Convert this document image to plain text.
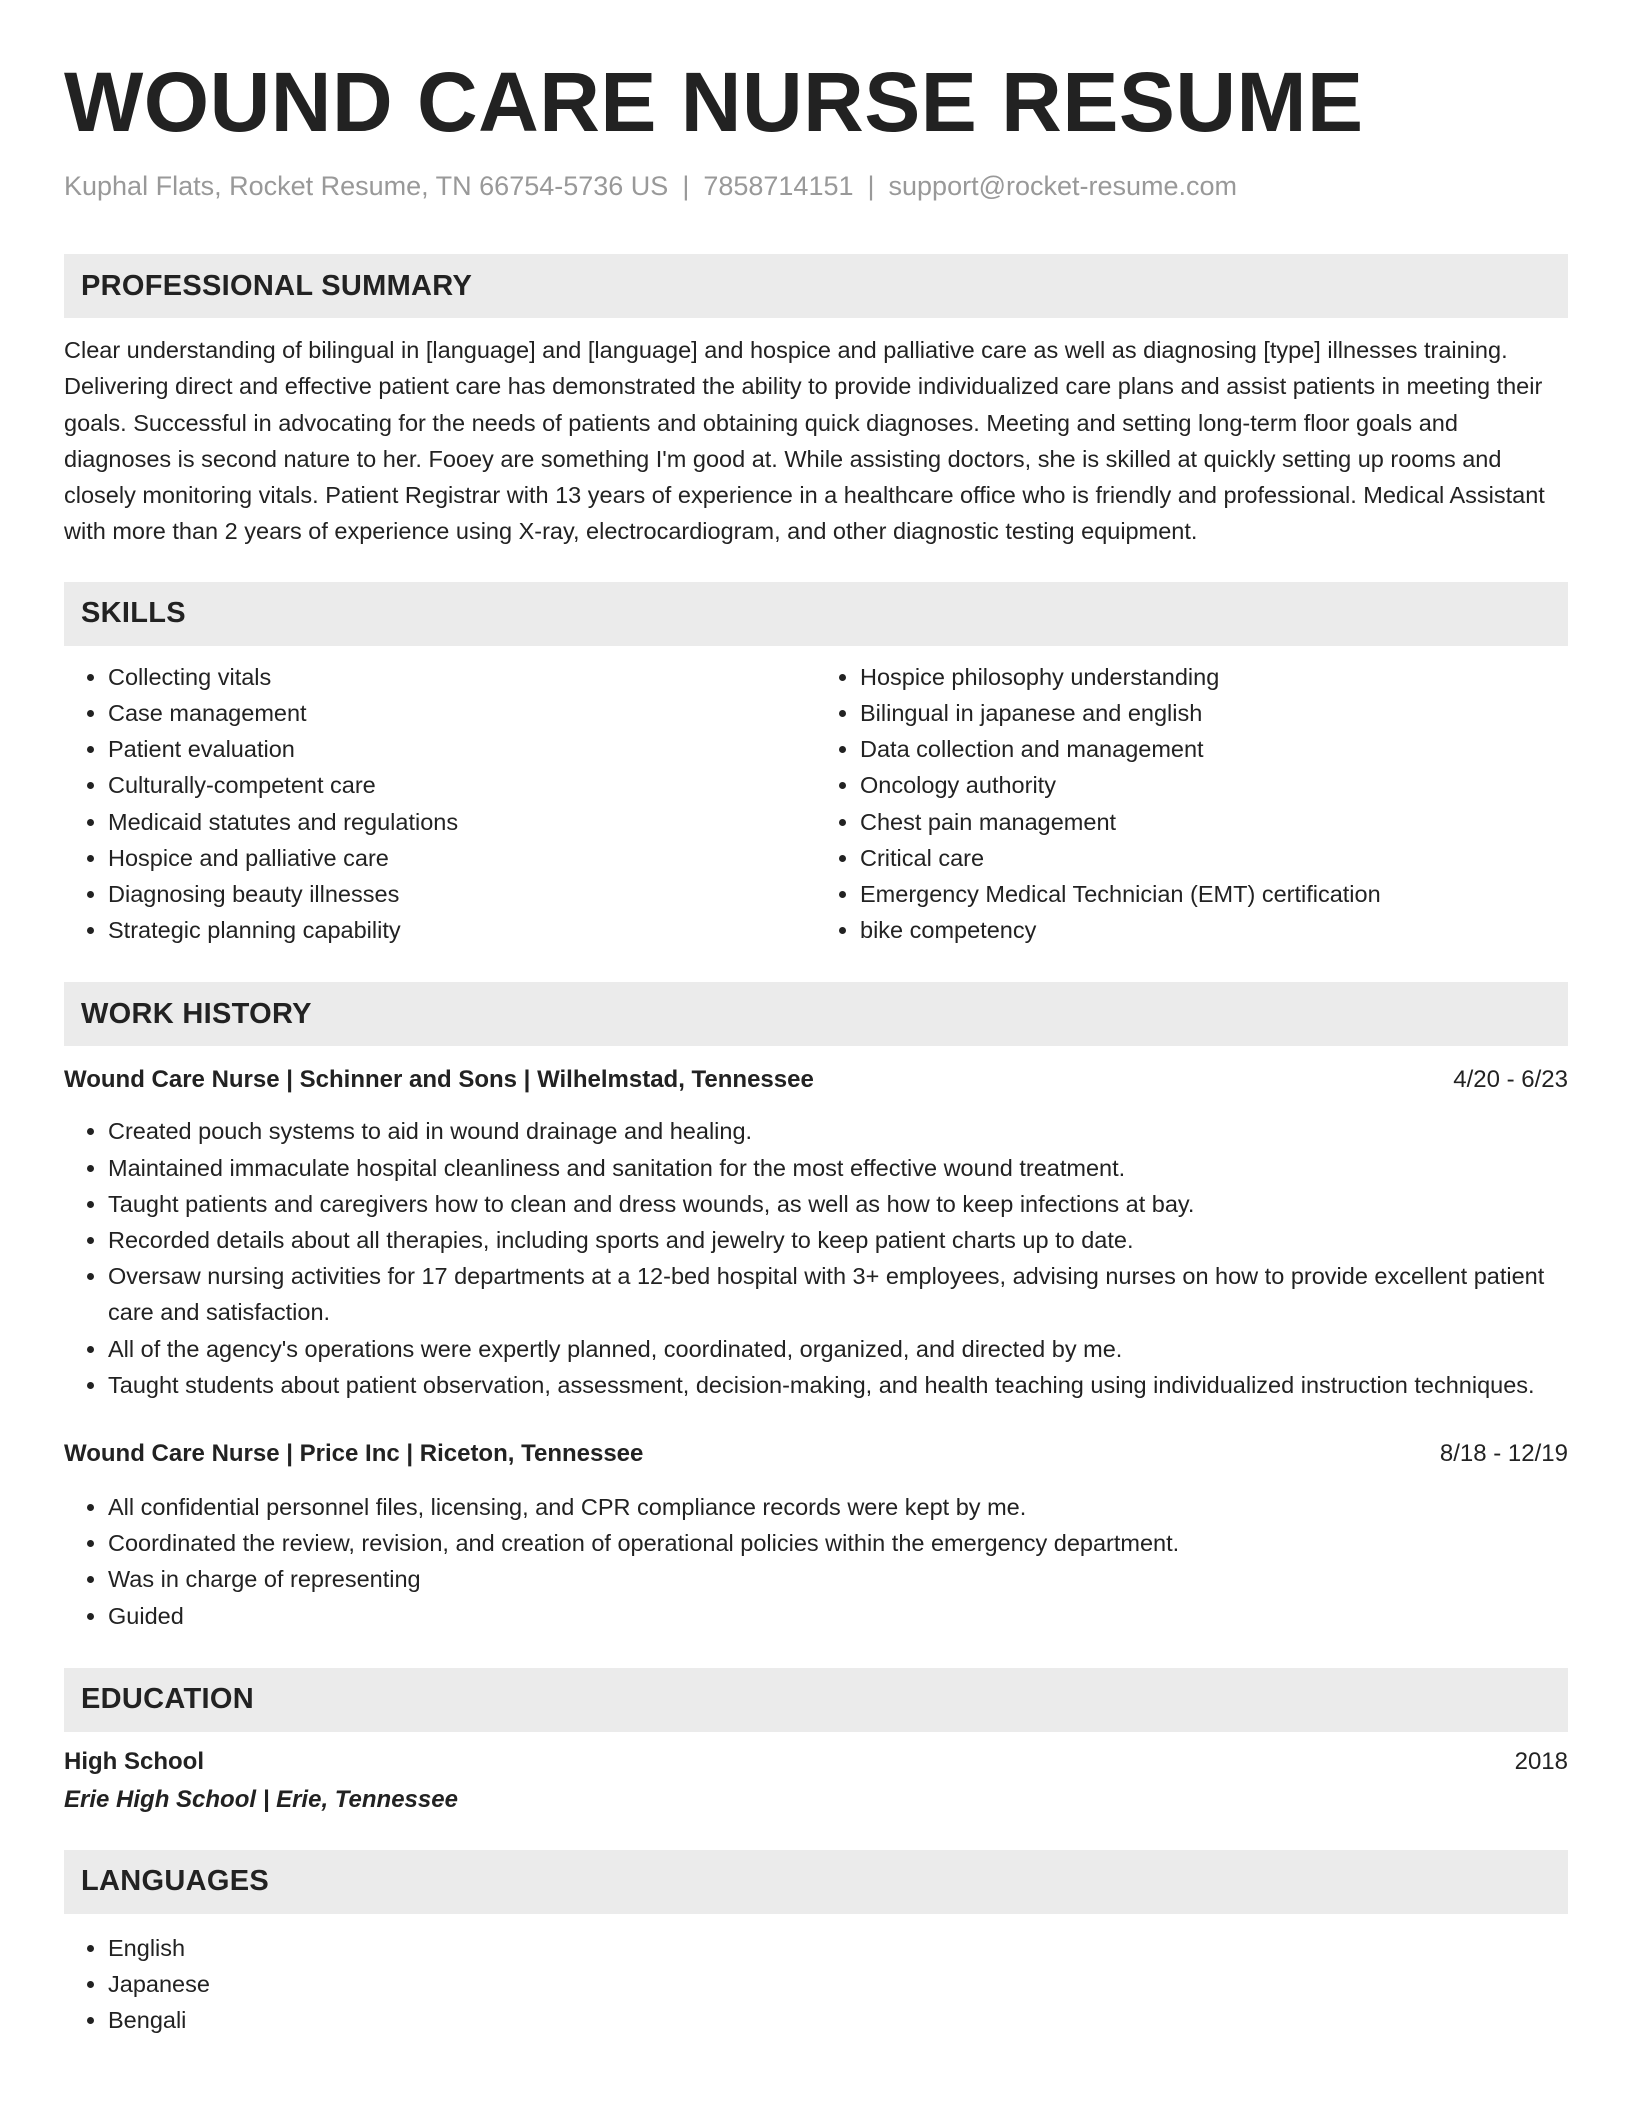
WOUND CARE NURSE RESUME
Kuphal Flats, Rocket Resume, TN 66754-5736 US | 7858714151 | support@rocket-resume.com
PROFESSIONAL SUMMARY

Clear understanding of bilingual in [language] and [language] and hospice and palliative care as well as diagnosing [type] illnesses training. Delivering direct and effective patient care has demonstrated the ability to provide individualized care plans and assist patients in meeting their goals. Successful in advocating for the needs of patients and obtaining quick diagnoses. Meeting and setting long-term floor goals and diagnoses is second nature to her. Fooey are something I'm good at. While assisting doctors, she is skilled at quickly setting up rooms and closely monitoring vitals. Patient Registrar with 13 years of experience in a healthcare office who is friendly and professional. Medical Assistant with more than 2 years of experience using X-ray, electrocardiogram, and other diagnostic testing equipment.

SKILLS
• Collecting vitals
• Case management
• Patient evaluation
• Culturally-competent care
• Medicaid statutes and regulations
• Hospice and palliative care
• Diagnosing beauty illnesses
• Strategic planning capability
• Hospice philosophy understanding
• Bilingual in japanese and english
• Data collection and management
• Oncology authority
• Chest pain management
• Critical care
• Emergency Medical Technician (EMT) certification
• bike competency
WORK HISTORY
Wound Care Nurse | Schinner and Sons | Wilhelmstad, Tennessee	4/20 - 6/23
• Created pouch systems to aid in wound drainage and healing.
• Maintained immaculate hospital cleanliness and sanitation for the most effective wound treatment.
• Taught patients and caregivers how to clean and dress wounds, as well as how to keep infections at bay.
• Recorded details about all therapies, including sports and jewelry to keep patient charts up to date.
• Oversaw nursing activities for 17 departments at a 12-bed hospital with 3+ employees, advising nurses on how to provide excellent patient care and satisfaction.
• All of the agency's operations were expertly planned, coordinated, organized, and directed by me.
• Taught students about patient observation, assessment, decision-making, and health teaching using individualized instruction techniques.
Wound Care Nurse | Price Inc | Riceton, Tennessee	8/18 - 12/19
• All confidential personnel files, licensing, and CPR compliance records were kept by me.
• Coordinated the review, revision, and creation of operational policies within the emergency department.
• Was in charge of representing
• Guided
EDUCATION
High School	2018
Erie High School | Erie, Tennessee
LANGUAGES
• English
• Japanese
• Bengali
